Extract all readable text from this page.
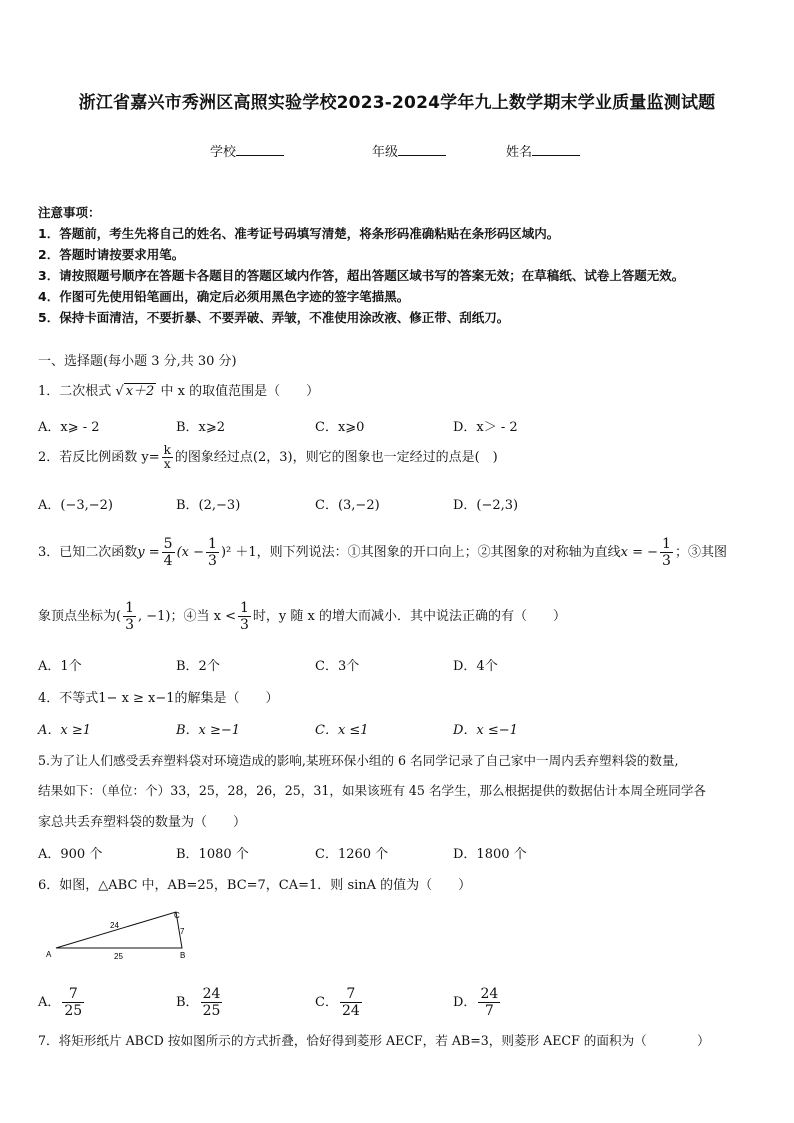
浙江省嘉兴市秀洲区高照实验学校2023-2024学年九上数学期末学业质量监测试题
学校	年级	姓名
注意事项：
1．答题前，考生先将自己的姓名、准考证号码填写清楚，将条形码准确粘贴在条形码区域内。
2．答题时请按要求用笔。
3．请按照题号顺序在答题卡各题目的答题区域内作答，超出答题区域书写的答案无效；在草稿纸、试卷上答题无效。
4．作图可先使用铅笔画出，确定后必须用黑色字迹的签字笔描黑。
5．保持卡面清洁，不要折暴、不要弄破、弄皱，不准使用涂改液、修正带、刮纸刀。
一、选择题(每小题 3 分,共 30 分)
1．二次根式 √ x＋2 中 x 的取值范围是（　　）
A．x⩾ - 2	B．x⩾2	C．x⩾0	D．x＞ - 2
2．若反比例函数 $y= \frac{k}{x}$ 的图象经过点(2，3)，则它的图象也一定经过的点是(　)
A．(−3,−2)	B．(2,−3)	C．(3,−2)	D．(−2,3)
3．已知二次函数$y = \frac{5}{4} (x - \frac{1}{3} )^2 +1$，则下列说法：①其图象的开口向上；②其图象的对称轴为直线x = − $\frac{1}{3}$ ；③其图
象顶点坐标为( $\frac{1}{3}$ , −1)；④当 $x < \frac{1}{3}$ 时，y 随 x 的增大而减小．其中说法正确的有（　　）
A．1个	B．2个	C．3个	D．4个
4．不等式1− x ≥ x−1的解集是（　　）
A．x ≥1	B．x ≥−1	C．x ≤1	D．x ≤−1
5.为了让人们感受丢弃塑料袋对环境造成的影响,某班环保小组的 6 名同学记录了自己家中一周内丢弃塑料袋的数量,
结果如下：（单位：个）33，25，28，26，25，31，如果该班有 45 名学生，那么根据提供的数据估计本周全班同学各
家总共丢弃塑料袋的数量为（　　）
A．900 个	B．1080 个	C．1260 个	D．1800 个
6．如图，△ABC 中，AB=25，BC=7，CA=1．则 sinA 的值为（　　）
A	B
C
24
25
7
A． $\frac{7}{25}$	B． $\frac{24}{25}$	C． $\frac{7}{24}$	D． $\frac{24}{7}$
7．将矩形纸片 ABCD 按如图所示的方式折叠，恰好得到菱形 AECF，若 AB=3，则菱形 AECF 的面积为（　　　　）
